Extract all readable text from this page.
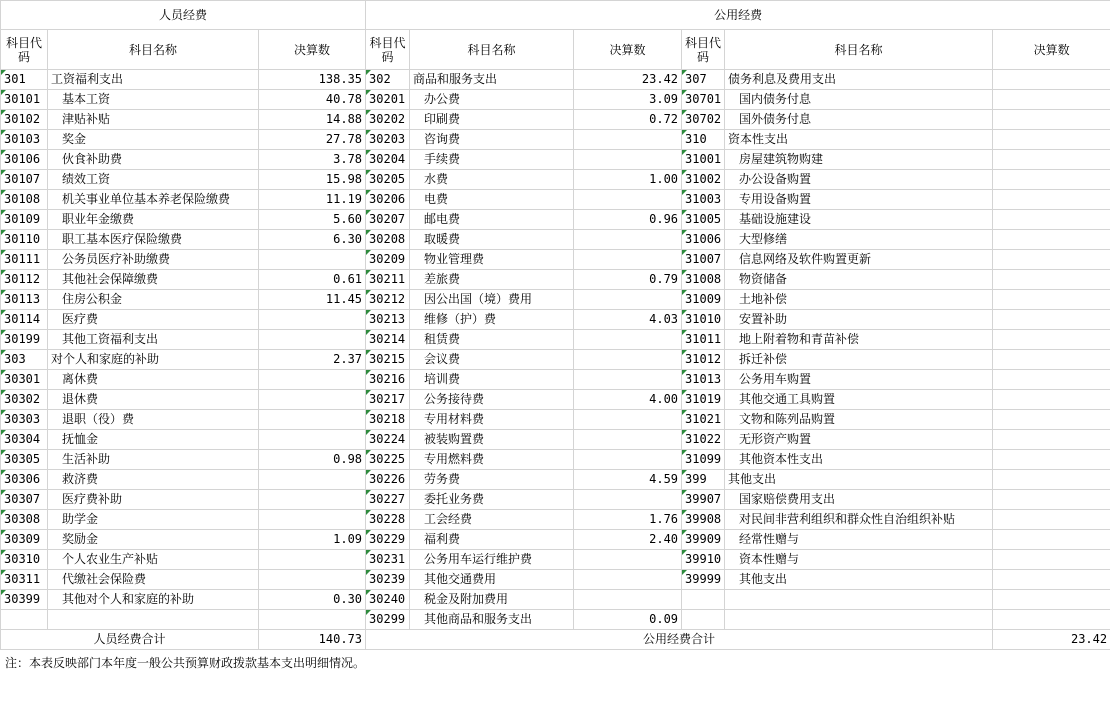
人员经费			公用经费					
科目代码	科目名称	决算数	科目代码	科目名称	决算数	科目代码	科目名称	决算数
301	工资福利支出	138.35	302	商品和服务支出	23.42	307	债务利息及费用支出	
30101	基本工资	40.78	30201	办公费	3.09	30701	国内债务付息	
30102	津贴补贴	14.88	30202	印刷费	0.72	30702	国外债务付息	
30103	奖金	27.78	30203	咨询费		310	资本性支出	
30106	伙食补助费	3.78	30204	手续费		31001	房屋建筑物购建	
30107	绩效工资	15.98	30205	水费	1.00	31002	办公设备购置	
30108	机关事业单位基本养老保险缴费	11.19	30206	电费		31003	专用设备购置	
30109	职业年金缴费	5.60	30207	邮电费	0.96	31005	基础设施建设	
30110	职工基本医疗保险缴费	6.30	30208	取暖费		31006	大型修缮	
30111	公务员医疗补助缴费		30209	物业管理费		31007	信息网络及软件购置更新	
30112	其他社会保障缴费	0.61	30211	差旅费	0.79	31008	物资储备	
30113	住房公积金	11.45	30212	因公出国（境）费用		31009	土地补偿	
30114	医疗费		30213	维修（护）费	4.03	31010	安置补助	
30199	其他工资福利支出		30214	租赁费		31011	地上附着物和青苗补偿	
303	对个人和家庭的补助	2.37	30215	会议费		31012	拆迁补偿	
30301	离休费		30216	培训费		31013	公务用车购置	
30302	退休费		30217	公务接待费	4.00	31019	其他交通工具购置	
30303	退职（役）费		30218	专用材料费		31021	文物和陈列品购置	
30304	抚恤金		30224	被装购置费		31022	无形资产购置	
30305	生活补助	0.98	30225	专用燃料费		31099	其他资本性支出	
30306	救济费		30226	劳务费	4.59	399	其他支出	
30307	医疗费补助		30227	委托业务费		39907	国家赔偿费用支出	
30308	助学金		30228	工会经费	1.76	39908	对民间非营利组织和群众性自治组织补贴	
30309	奖励金	1.09	30229	福利费	2.40	39909	经常性赠与	
30310	个人农业生产补贴		30231	公务用车运行维护费		39910	资本性赠与	
30311	代缴社会保险费		30239	其他交通费用		39999	其他支出	
30399	其他对个人和家庭的补助	0.30	30240	税金及附加费用				
			30299	其他商品和服务支出	0.09			
人员经费合计		140.73	公用经费合计					23.42
注：本表反映部门本年度一般公共预算财政拨款基本支出明细情况。
